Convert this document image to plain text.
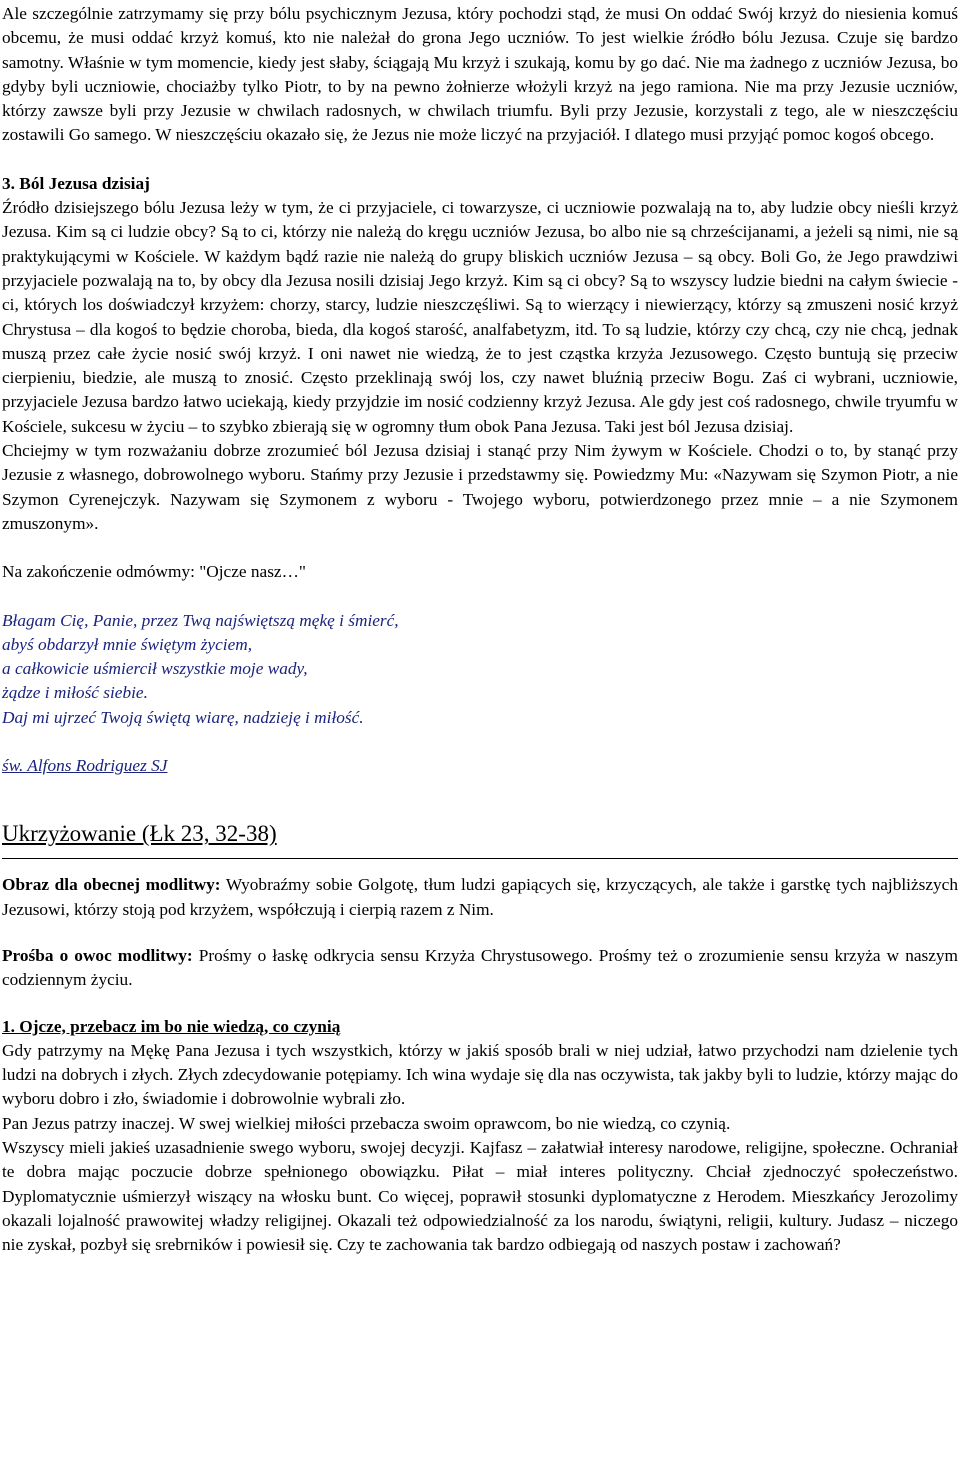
Ale szczególnie zatrzymamy się przy bólu psychicznym Jezusa, który pochodzi stąd, że musi On oddać Swój krzyż do niesienia komuś obcemu, że musi oddać krzyż komuś, kto nie należał do grona Jego uczniów. To jest wielkie źródło bólu Jezusa. Czuje się bardzo samotny. Właśnie w tym momencie, kiedy jest słaby, ściągają Mu krzyż i szukają, komu by go dać. Nie ma żadnego z uczniów Jezusa, bo gdyby byli uczniowie, chociażby tylko Piotr, to by na pewno żołnierze włożyli krzyż na jego ramiona. Nie ma przy Jezusie uczniów, którzy zawsze byli przy Jezusie w chwilach radosnych, w chwilach triumfu. Byli przy Jezusie, korzystali z tego, ale w nieszczęściu zostawili Go samego. W nieszczęściu okazało się, że Jezus nie może liczyć na przyjaciół. I dlatego musi przyjąć pomoc kogoś obcego.

3. Ból Jezusa dzisiaj

Źródło dzisiejszego bólu Jezusa leży w tym, że ci przyjaciele, ci towarzysze, ci uczniowie pozwalają na to, aby ludzie obcy nieśli krzyż Jezusa. Kim są ci ludzie obcy? Są to ci, którzy nie należą do kręgu uczniów Jezusa, bo albo nie są chrześcijanami, a jeżeli są nimi, nie są praktykującymi w Kościele. W każdym bądź razie nie należą do grupy bliskich uczniów Jezusa – są obcy. Boli Go, że Jego prawdziwi przyjaciele pozwalają na to, by obcy dla Jezusa nosili dzisiaj Jego krzyż. Kim są ci obcy? Są to wszyscy ludzie biedni na całym świecie - ci, których los doświadczył krzyżem: chorzy, starcy, ludzie nieszczęśliwi. Są to wierzący i niewierzący, którzy są zmuszeni nosić krzyż Chrystusa – dla kogoś to będzie choroba, bieda, dla kogoś starość, analfabetyzm, itd. To są ludzie, którzy czy chcą, czy nie chcą, jednak muszą przez całe życie nosić swój krzyż. I oni nawet nie wiedzą, że to jest cząstka krzyża Jezusowego. Często buntują się przeciw cierpieniu, biedzie, ale muszą to znosić. Często przeklinają swój los, czy nawet bluźnią przeciw Bogu. Zaś ci wybrani, uczniowie, przyjaciele Jezusa bardzo łatwo uciekają, kiedy przyjdzie im nosić codzienny krzyż Jezusa. Ale gdy jest coś radosnego, chwile tryumfu w Kościele, sukcesu w życiu – to szybko zbierają się w ogromny tłum obok Pana Jezusa. Taki jest ból Jezusa dzisiaj.

Chciejmy w tym rozważaniu dobrze zrozumieć ból Jezusa dzisiaj i stanąć przy Nim żywym w Kościele. Chodzi o to, by stanąć przy Jezusie z własnego, dobrowolnego wyboru. Stańmy przy Jezusie i przedstawmy się. Powiedzmy Mu: «Nazywam się Szymon Piotr, a nie Szymon Cyrenejczyk. Nazywam się Szymonem z wyboru - Twojego wyboru, potwierdzonego przez mnie – a nie Szymonem zmuszonym».

Na zakończenie odmówmy: "Ojcze nasz…"

Błagam Cię, Panie, przez Twą najświętszą mękę i śmierć,

abyś obdarzył mnie świętym życiem,

a całkowicie uśmiercił wszystkie moje wady,

żądze i miłość siebie.

Daj mi ujrzeć Twoją świętą wiarę, nadzieję i miłość.

św. Alfons Rodriguez SJ

Ukrzyżowanie (Łk 23, 32-38)

Obraz dla obecnej modlitwy: Wyobraźmy sobie Golgotę, tłum ludzi gapiących się, krzyczących, ale także i garstkę tych najbliższych Jezusowi, którzy stoją pod krzyżem, współczują i cierpią razem z Nim.

Prośba o owoc modlitwy: Prośmy o łaskę odkrycia sensu Krzyża Chrystusowego. Prośmy też o zrozumienie sensu krzyża w naszym codziennym życiu.

1. Ojcze, przebacz im bo nie wiedzą, co czynią

Gdy patrzymy na Mękę Pana Jezusa i tych wszystkich, którzy w jakiś sposób brali w niej udział, łatwo przychodzi nam dzielenie tych ludzi na dobrych i złych. Złych zdecydowanie potępiamy. Ich wina wydaje się dla nas oczywista, tak jakby byli to ludzie, którzy mając do wyboru dobro i zło, świadomie i dobrowolnie wybrali zło.

Pan Jezus patrzy inaczej. W swej wielkiej miłości przebacza swoim oprawcom, bo nie wiedzą, co czynią.

Wszyscy mieli jakieś uzasadnienie swego wyboru, swojej decyzji. Kajfasz – załatwiał interesy narodowe, religijne, społeczne. Ochraniał te dobra mając poczucie dobrze spełnionego obowiązku. Piłat – miał interes polityczny. Chciał zjednoczyć społeczeństwo. Dyplomatycznie uśmierzył wiszący na włosku bunt. Co więcej, poprawił stosunki dyplomatyczne z Herodem. Mieszkańcy Jerozolimy okazali lojalność prawowitej władzy religijnej. Okazali też odpowiedzialność za los narodu, świątyni, religii, kultury. Judasz – niczego nie zyskał, pozbył się srebrników i powiesił się. Czy te zachowania tak bardzo odbiegają od naszych postaw i zachowań?
